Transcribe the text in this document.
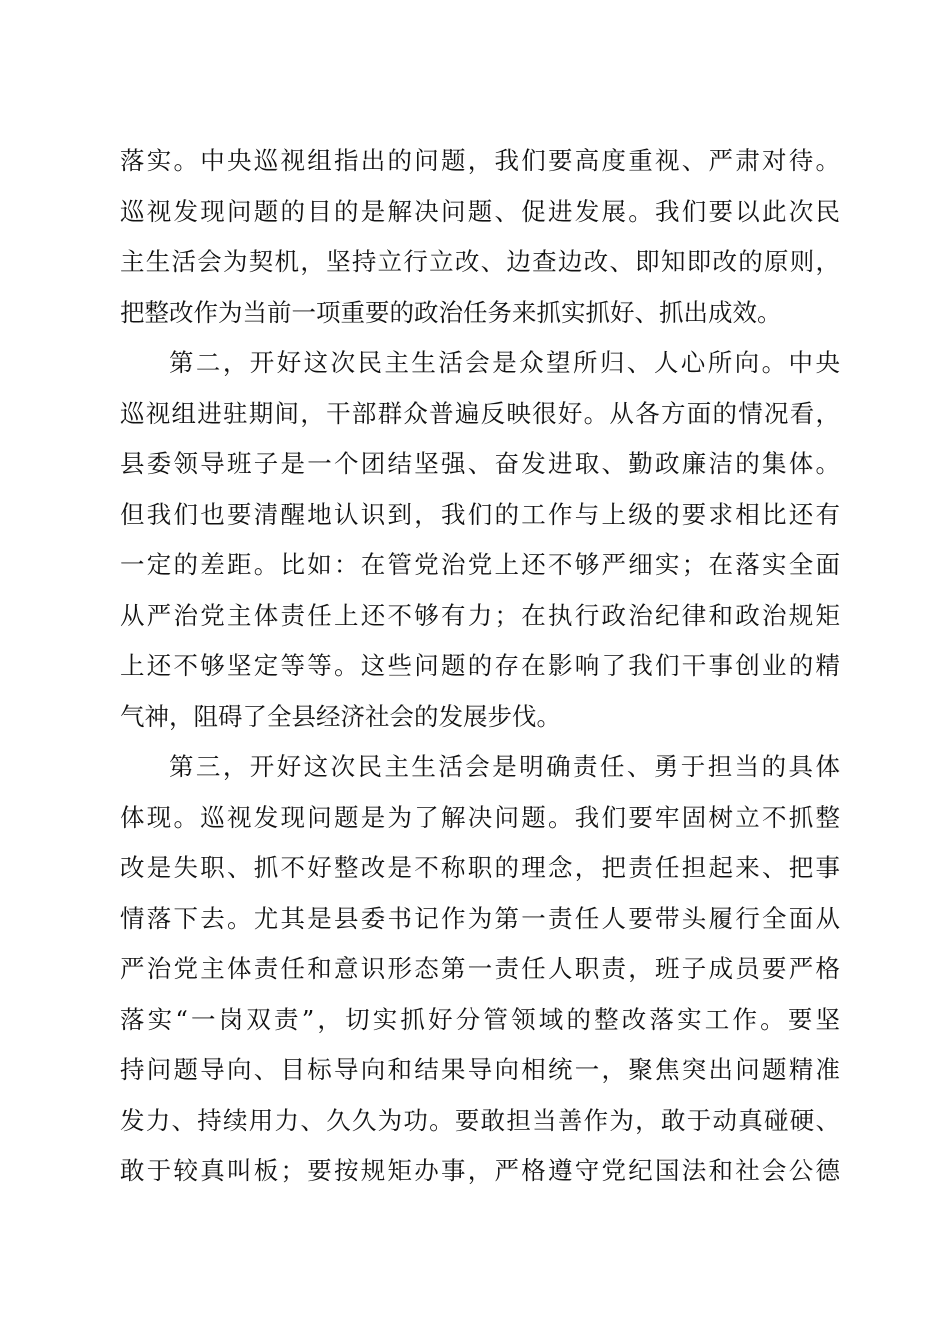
落实。中央巡视组指出的问题，我们要高度重视、严肃对待。
巡视发现问题的目的是解决问题、促进发展。我们要以此次民
主生活会为契机，坚持立行立改、边查边改、即知即改的原则，
把整改作为当前一项重要的政治任务来抓实抓好、抓出成效。
第二，开好这次民主生活会是众望所归、人心所向。中央
巡视组进驻期间，干部群众普遍反映很好。从各方面的情况看，
县委领导班子是一个团结坚强、奋发进取、勤政廉洁的集体。
但我们也要清醒地认识到，我们的工作与上级的要求相比还有
一定的差距。比如：在管党治党上还不够严细实；在落实全面
从严治党主体责任上还不够有力；在执行政治纪律和政治规矩
上还不够坚定等等。这些问题的存在影响了我们干事创业的精
气神，阻碍了全县经济社会的发展步伐。
第三，开好这次民主生活会是明确责任、勇于担当的具体
体现。巡视发现问题是为了解决问题。我们要牢固树立不抓整
改是失职、抓不好整改是不称职的理念，把责任担起来、把事
情落下去。尤其是县委书记作为第一责任人要带头履行全面从
严治党主体责任和意识形态第一责任人职责，班子成员要严格
落实“一岗双责”，切实抓好分管领域的整改落实工作。要坚
持问题导向、目标导向和结果导向相统一，聚焦突出问题精准
发力、持续用力、久久为功。要敢担当善作为，敢于动真碰硬、
敢于较真叫板；要按规矩办事，严格遵守党纪国法和社会公德
